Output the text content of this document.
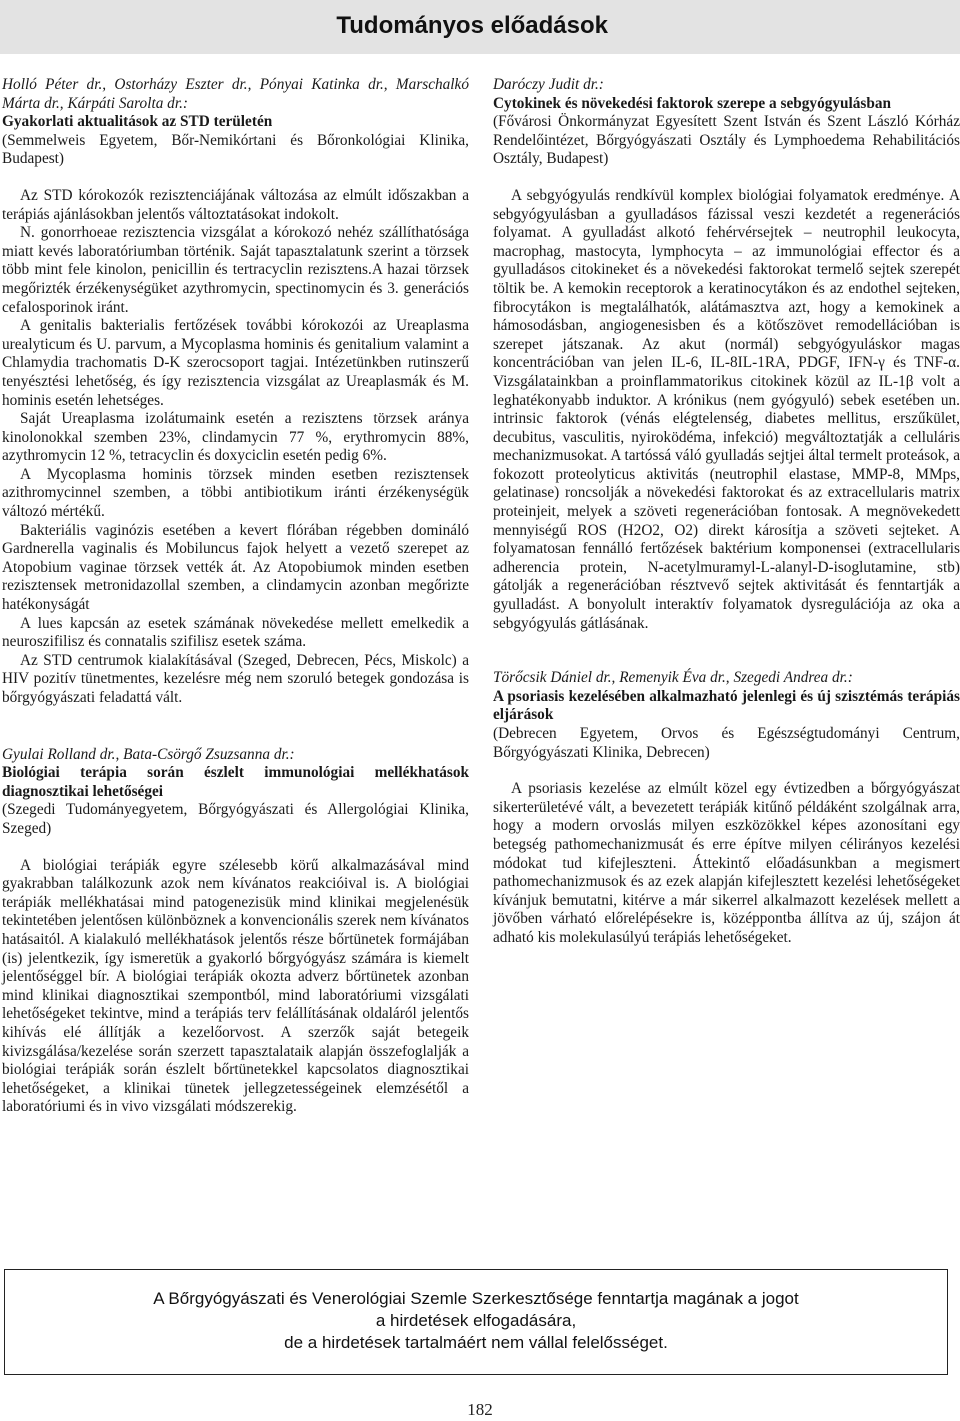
Tudományos előadások

Holló Péter dr., Ostorházy Eszter dr., Pónyai Katinka dr., Marschalkó Márta dr., Kárpáti Sarolta dr.:

Gyakorlati aktualitások az STD területén

(Semmelweis Egyetem, Bőr-Nemikórtani és Bőronkológiai Klinika, Budapest)

Az STD kórokozók rezisztenciájának változása az elmúlt időszakban a terápiás ajánlásokban jelentős változtatásokat indokolt.

N. gonorrhoeae rezisztencia vizsgálat a kórokozó nehéz szállíthatósága miatt kevés laboratóriumban történik. Saját tapasztalatunk szerint a törzsek több mint fele kinolon, penicillin és tertracyclin rezisztens.A hazai törzsek megőrizték érzékenységüket azythromycin, spectinomycin és 3. generációs cefalosporinok iránt.

A genitalis bakterialis fertőzések további kórokozói az Ureaplasma urealyticum és U. parvum, a Mycoplasma hominis és genitalium valamint a Chlamydia trachomatis D-K szerocsoport tagjai. Intézetünkben rutinszerű tenyésztési lehetőség, és így rezisztencia vizsgálat az Ureaplasmák és M. hominis esetén lehetséges.

Saját Ureaplasma izolátumaink esetén a rezisztens törzsek aránya kinolonokkal szemben 23%, clindamycin 77 %, erythromycin 88%, azythromycin 12 %, tetracyclin és doxyciclin esetén pedig 6%.

A Mycoplasma hominis törzsek minden esetben rezisztensek azithromycinnel szemben, a többi antibiotikum iránti érzékenységük változó mértékű.

Bakteriális vaginózis esetében a kevert flórában régebben domináló Gardnerella vaginalis és Mobiluncus fajok helyett a vezető szerepet az Atopobium vaginae törzsek vették át. Az Atopobiumok minden esetben rezisztensek metronidazollal szemben, a clindamycin azonban megőrizte hatékonyságát

A lues kapcsán az esetek számának növekedése mellett emelkedik a neuroszifilisz és connatalis szifilisz esetek száma.

Az STD centrumok kialakításával (Szeged, Debrecen, Pécs, Miskolc) a HIV pozitív tünetmentes, kezelésre még nem szoruló betegek gondozása is bőrgyógyászati feladattá vált.

Gyulai Rolland dr., Bata-Csörgő Zsuzsanna dr.:

Biológiai terápia során észlelt immunológiai mellékhatások diagnosztikai lehetőségei

(Szegedi Tudományegyetem, Bőrgyógyászati és Allergológiai Klinika, Szeged)

A biológiai terápiák egyre szélesebb körű alkalmazásával mind gyakrabban találkozunk azok nem kívánatos reakcióival is. A biológiai terápiák mellékhatásai mind patogenezisük mind klinikai megjelenésük tekintetében jelentősen különböznek a konvencionális szerek nem kívánatos hatásaitól. A kialakuló mellékhatások jelentős része bőrtünetek formájában (is) jelentkezik, így ismeretük a gyakorló bőrgyógyász számára is kiemelt jelentőséggel bír. A biológiai terápiák okozta adverz bőrtünetek azonban mind klinikai diagnosztikai szempontból, mind laboratóriumi vizsgálati lehetőségeket tekintve, mind a terápiás terv felállításának oldaláról jelentős kihívás elé állítják a kezelőorvost. A szerzők saját betegeik kivizsgálása/kezelése során szerzett tapasztalataik alapján összefoglalják a biológiai terápiák során észlelt bőrtünetekkel kapcsolatos diagnosztikai lehetőségeket, a klinikai tünetek jellegzetességeinek elemzésétől a laboratóriumi és in vivo vizsgálati módszerekig.

Daróczy Judit dr.:

Cytokinek és növekedési faktorok szerepe a sebgyógyulásban

(Fővárosi Önkormányzat Egyesített Szent István és Szent László Kórház Rendelőintézet, Bőrgyógyászati Osztály és Lymphoedema Rehabilitációs Osztály, Budapest)

A sebgyógyulás rendkívül komplex biológiai folyamatok eredménye. A sebgyógyulásban a gyulladásos fázissal veszi kezdetét a regenerációs folyamat. A gyulladást alkotó fehérvérsejtek – neutrophil leukocyta, macrophag, mastocyta, lymphocyta – az immunológiai effector és a gyulladásos citokineket és a növekedési faktorokat termelő sejtek szerepét töltik be. A kemokin receptorok a keratinocytákon és az endothel sejteken, fibrocytákon is megtalálhatók, alátámasztva azt, hogy a kemokinek a hámosodásban, angiogenesisben és a kötőszövet remodellációban is szerepet játszanak. Az akut (normál) sebgyógyuláskor magas koncentrációban van jelen IL-6, IL-8IL-1RA, PDGF, IFN-γ és TNF-α. Vizsgálatainkban a proinflammatorikus citokinek közül az IL-1β volt a leghatékonyabb induktor. A krónikus (nem gyógyuló) sebek esetében un. intrinsic faktorok (vénás elégtelenség, diabetes mellitus, erszűkület, decubitus, vasculitis, nyiroködéma, infekció) megváltoztatják a celluláris mechanizmusokat. A tartóssá váló gyulladás sejtjei által termelt proteások, a fokozott proteolyticus aktivitás (neutrophil elastase, MMP-8, MMps, gelatinase) roncsolják a növekedési faktorokat és az extracellularis matrix proteinjeit, melyek a szöveti regenerációban fontosak. A megnövekedett mennyiségű ROS (H2O2, O2) direkt károsítja a szöveti sejteket. A folyamatosan fennálló fertőzések baktérium komponensei (extracellularis adherencia protein, N-acetylmuramyl-L-alanyl-D-isoglutamine, stb) gátolják a regenerációban résztvevő sejtek aktivitását és fenntartják a gyulladást. A bonyolult interaktív folyamatok dysregulációja az oka a sebgyógyulás gátlásának.

Törőcsik Dániel dr., Remenyik Éva dr., Szegedi Andrea dr.:

A psoriasis kezelésében alkalmazható jelenlegi és új szisztémás terápiás eljárások

(Debrecen Egyetem, Orvos és Egészségtudományi Centrum, Bőrgyógyászati Klinika, Debrecen)

A psoriasis kezelése az elmúlt közel egy évtizedben a bőrgyógyászat sikerterületévé vált, a bevezetett terápiák kitűnő példáként szolgálnak arra, hogy a modern orvoslás milyen eszközökkel képes azonosítani egy betegség pathomechanizmusát és erre építve milyen célirányos kezelési módokat tud kifejleszteni. Áttekintő előadásunkban a megismert pathomechanizmusok és az ezek alapján kifejlesztett kezelési lehetőségeket kívánjuk bemutatni, kitérve a már sikerrel alkalmazott kezelések mellett a jövőben várható előrelépésekre is, középpontba állítva az új, szájon át adható kis molekulasúlyú terápiás lehetőségeket.

A Bőrgyógyászati és Venerológiai Szemle Szerkesztősége fenntartja magának a jogot
a hirdetések elfogadására,
de a hirdetések tartalmáért nem vállal felelősséget.
182
